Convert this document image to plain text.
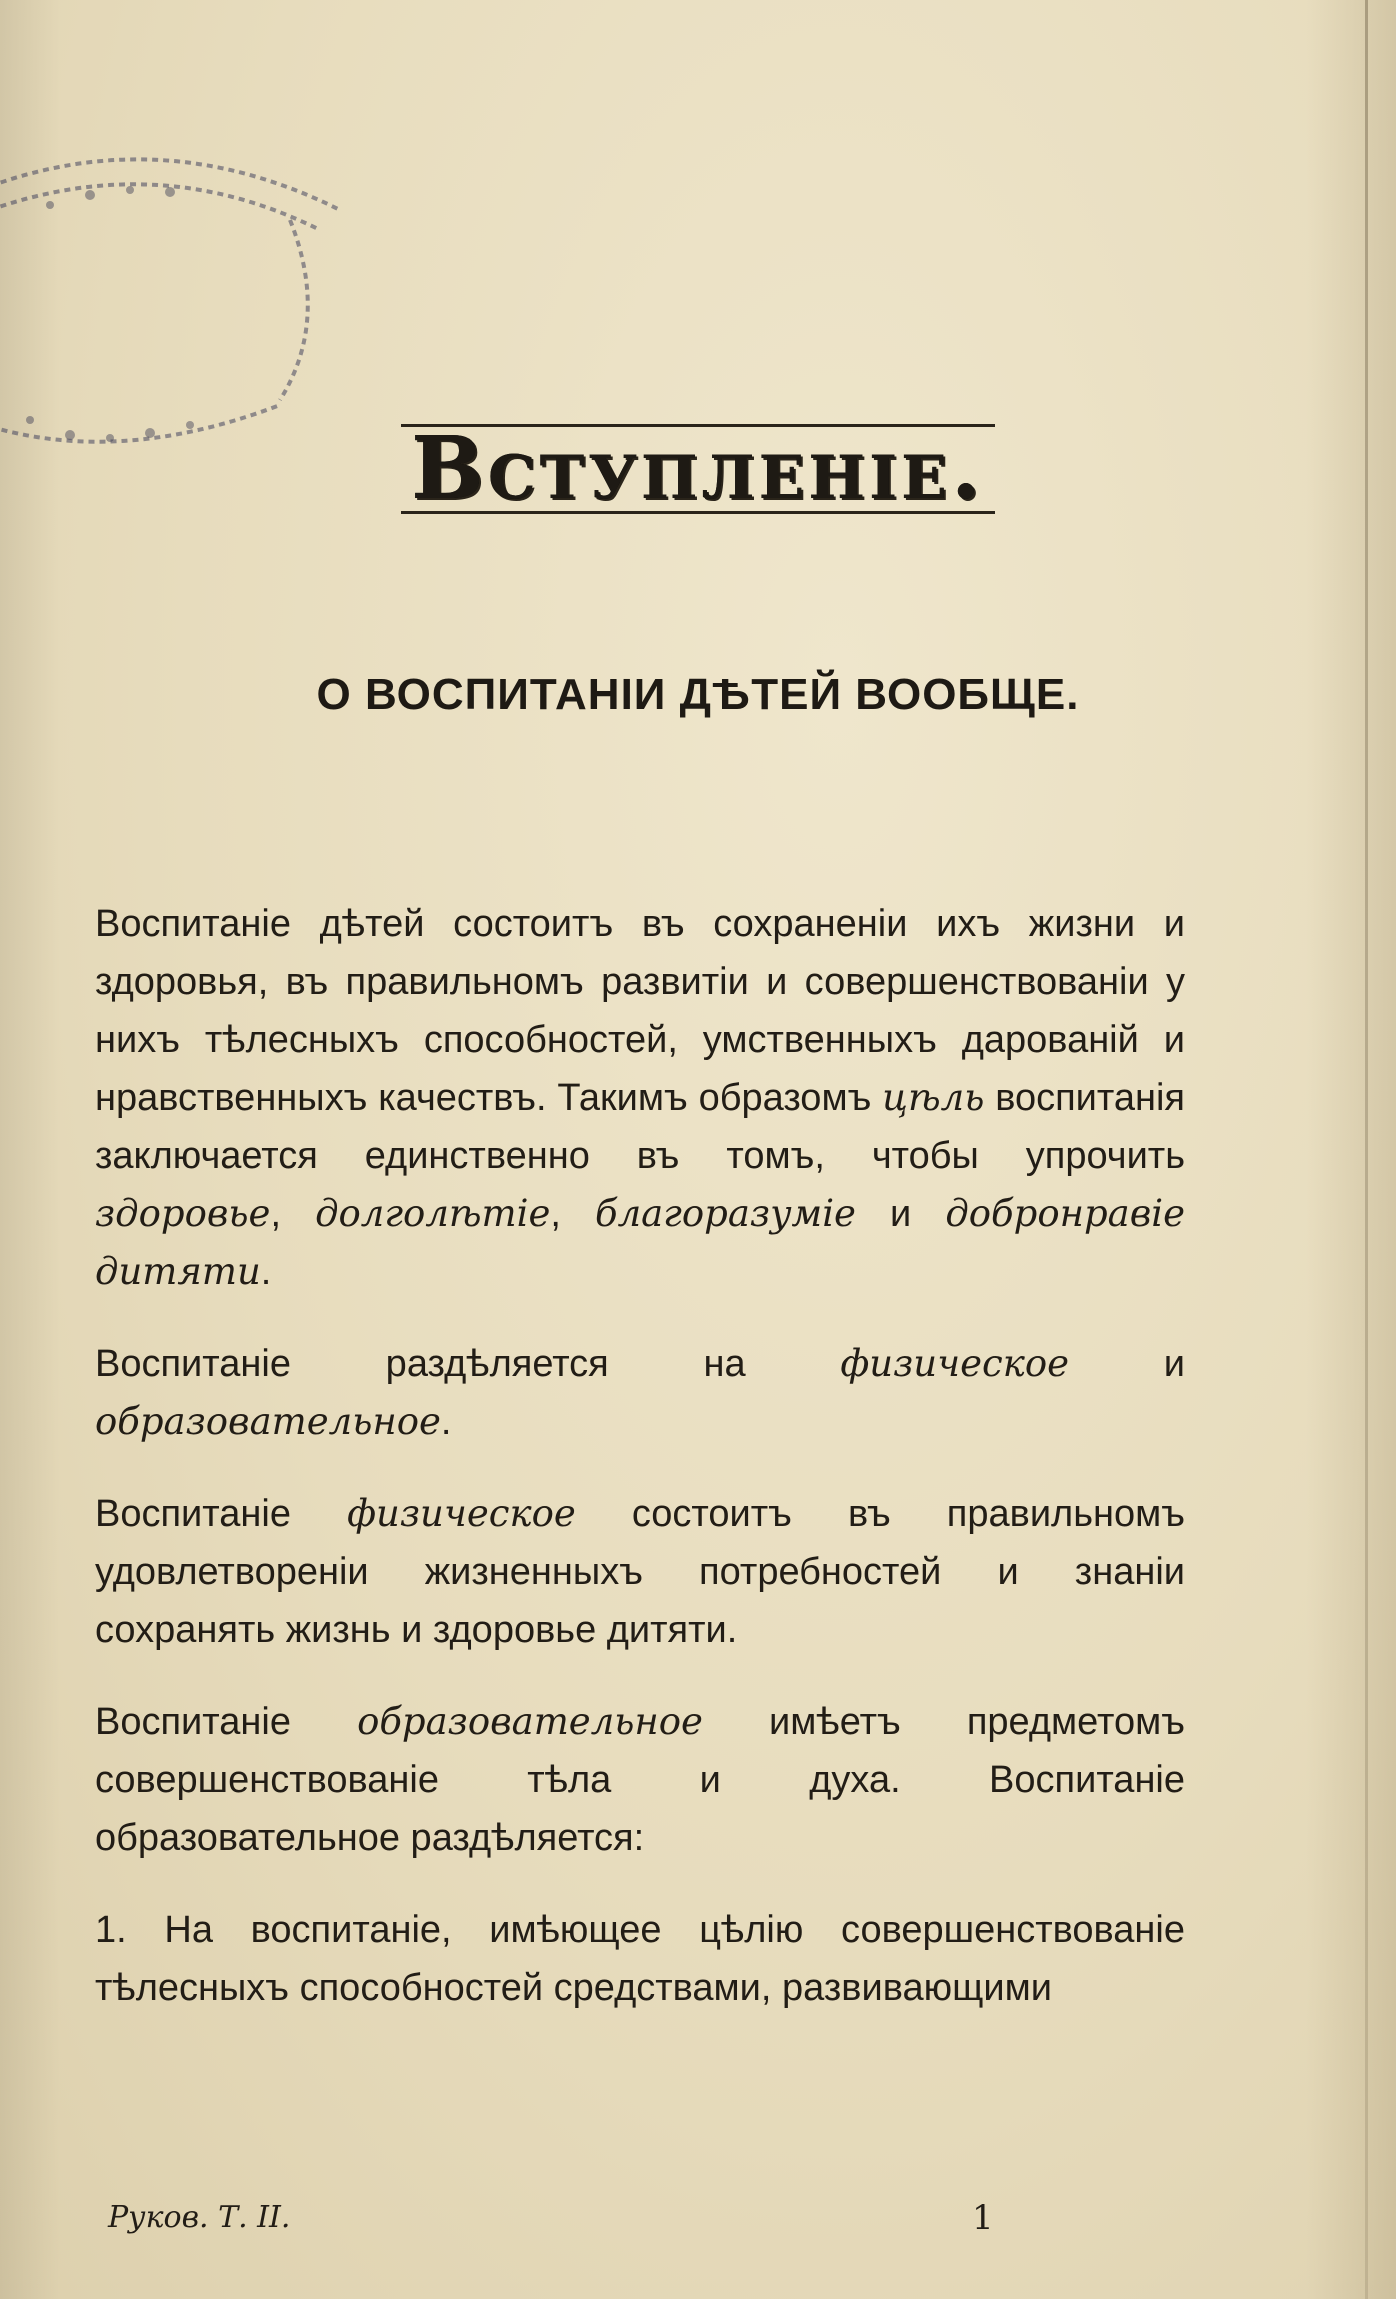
Вступленіе.
О ВОСПИТАНІИ ДѢТЕЙ ВООБЩЕ.

Воспитаніе дѣтей состоитъ въ сохраненіи ихъ жизни и здоровья, въ правильномъ развитіи и совершенствованіи у нихъ тѣлесныхъ способностей, умственныхъ дарованій и нравственныхъ качествъ. Такимъ образомъ цѣль воспитанія заключается единственно въ томъ, чтобы упрочить здоровье, долголѣтіе, благоразуміе и добронравіе дитяти.

Воспитаніе раздѣляется на физическое и образовательное.

Воспитаніе физическое состоитъ въ правильномъ удовлетвореніи жизненныхъ потребностей и знаніи сохранять жизнь и здоровье дитяти.

Воспитаніе образовательное имѣетъ предметомъ совершенствованіе тѣла и духа. Воспитаніе образовательное раздѣляется:

1. На воспитаніе, имѣющее цѣлію совершенствованіе тѣлесныхъ способностей средствами, развивающими

Руков. Т. II.	1
